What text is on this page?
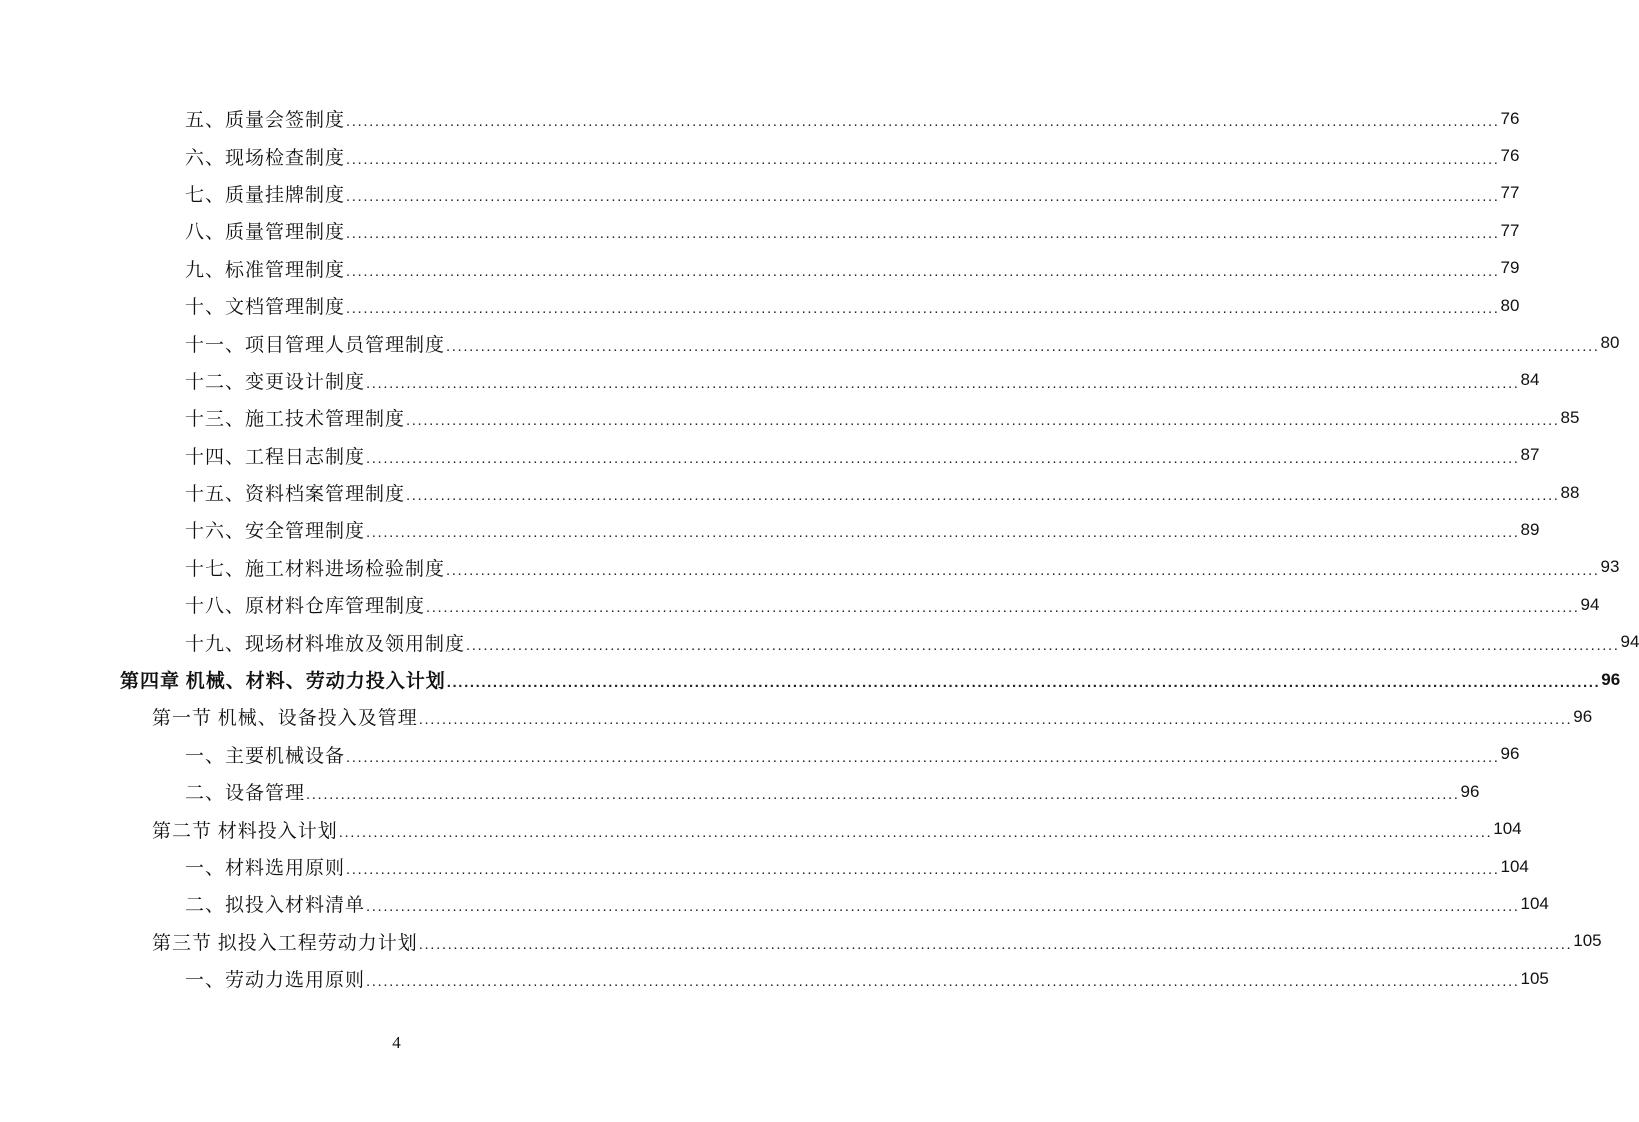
五、质量会签制度 ........................................................................................................................................................................................................ 76
六、现场检查制度 ........................................................................................................................................................................................................ 76
七、质量挂牌制度 ........................................................................................................................................................................................................ 77
八、质量管理制度 ........................................................................................................................................................................................................ 77
九、标准管理制度 ........................................................................................................................................................................................................ 79
十、文档管理制度 ........................................................................................................................................................................................................ 80
十一、项目管理人员管理制度 ........................................................................................................................................................................................................ 80
十二、变更设计制度 ........................................................................................................................................................................................................ 84
十三、施工技术管理制度 ........................................................................................................................................................................................................ 85
十四、工程日志制度 ........................................................................................................................................................................................................ 87
十五、资料档案管理制度 ........................................................................................................................................................................................................ 88
十六、安全管理制度 ........................................................................................................................................................................................................ 89
十七、施工材料进场检验制度 ........................................................................................................................................................................................................ 93
十八、原材料仓库管理制度 ........................................................................................................................................................................................................ 94
十九、现场材料堆放及领用制度 ........................................................................................................................................................................................................ 94
第四章 机械、材料、劳动力投入计划 ........................................................................................................................................................................................................ 96
第一节 机械、设备投入及管理 ........................................................................................................................................................................................................ 96
一、主要机械设备 ........................................................................................................................................................................................................ 96
二、设备管理 ........................................................................................................................................................................................................ 96
第二节 材料投入计划 ........................................................................................................................................................................................................ 104
一、材料选用原则 ........................................................................................................................................................................................................ 104
二、拟投入材料清单 ........................................................................................................................................................................................................ 104
第三节 拟投入工程劳动力计划 ........................................................................................................................................................................................................ 105
一、劳动力选用原则 ........................................................................................................................................................................................................ 105
4
